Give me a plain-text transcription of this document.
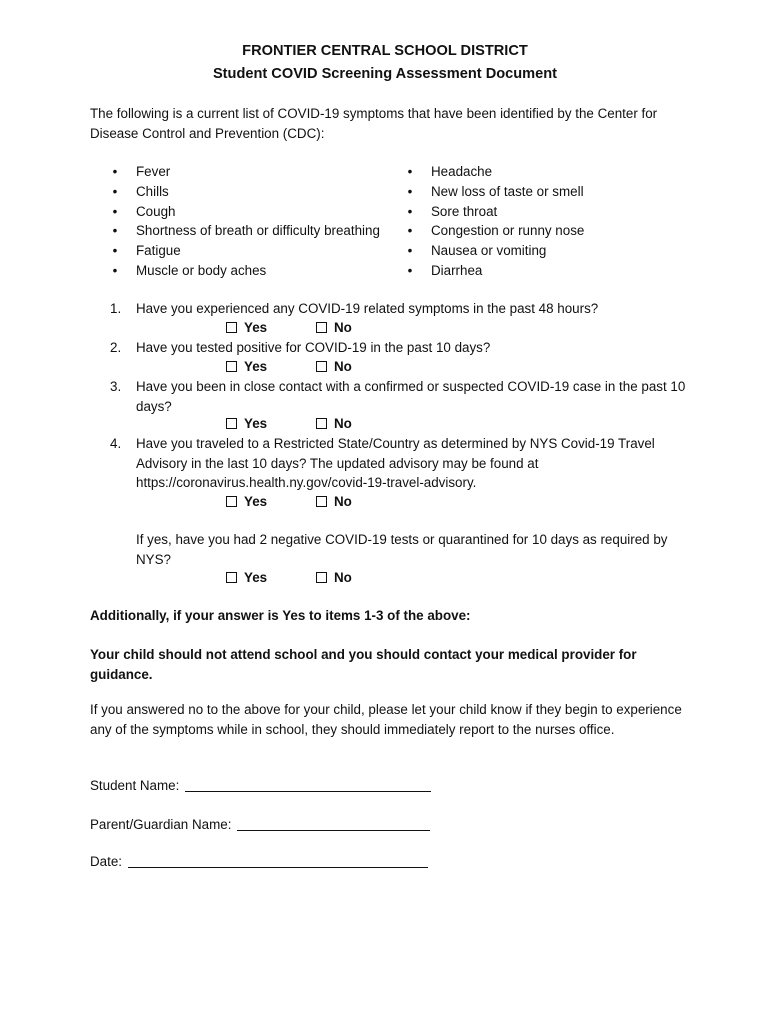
FRONTIER CENTRAL SCHOOL DISTRICT
Student COVID Screening Assessment Document
The following is a current list of COVID-19 symptoms that have been identified by the Center for Disease Control and Prevention (CDC):
• Fever
• Chills
• Cough
• Shortness of breath or difficulty breathing
• Fatigue
• Muscle or body aches
• Headache
• New loss of taste or smell
• Sore throat
• Congestion or runny nose
• Nausea or vomiting
• Diarrhea
1. Have you experienced any COVID-19 related symptoms in the past 48 hours?
Yes	No
2. Have you tested positive for COVID-19 in the past 10 days?
Yes	No
3. Have you been in close contact with a confirmed or suspected COVID-19 case in the past 10 days?
Yes	No
4. Have you traveled to a Restricted State/Country as determined by NYS Covid-19 Travel Advisory in the last 10 days? The updated advisory may be found at https://coronavirus.health.ny.gov/covid-19-travel-advisory.
Yes	No
If yes, have you had 2 negative COVID-19 tests or quarantined for 10 days as required by NYS?
Yes	No
Additionally, if your answer is Yes to items 1-3 of the above:
Your child should not attend school and you should contact your medical provider for guidance.
If you answered no to the above for your child, please let your child know if they begin to experience any of the symptoms while in school, they should immediately report to the nurses office.
Student Name:
Parent/Guardian Name:
Date:
